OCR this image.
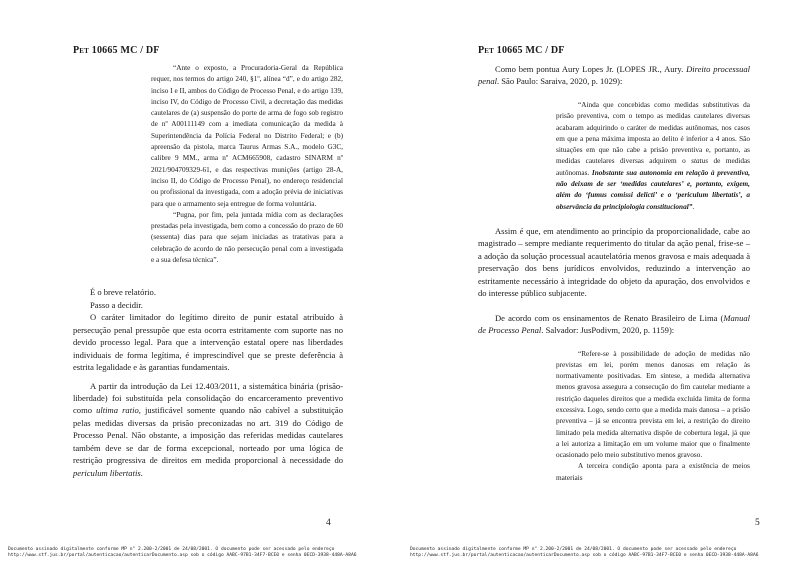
Pet 10665 MC / DF

“Ante o exposto, a Procuradoria-Geral da República requer, nos termos do artigo 240, §1º, alínea “d”, e do artigo 282, inciso I e II, ambos do Código de Processo Penal, e do artigo 139, inciso IV, do Código de Processo Civil, a decretação das medidas cautelares de (a) suspensão do porte de arma de fogo sob registro de nº A00111149 com a imediata comunicação da medida à Superintendência da Polícia Federal no Distrito Federal; e (b) apreensão da pistola, marca Taurus Armas S.A., modelo G3C, calibre 9 MM., arma nº ACM665908, cadastro SINARM nº 2021/904709329-61, e das respectivas munições (artigo 28-A, inciso II, do Código de Processo Penal), no endereço residencial ou profissional da investigada, com a adoção prévia de iniciativas para que o armamento seja entregue de forma voluntária.

“Pugna, por fim, pela juntada mídia com as declarações prestadas pela investigada, bem como a concessão do prazo de 60 (sessenta) dias para que sejam iniciadas as tratativas para a celebração de acordo de não persecução penal com a investigada e a sua defesa técnica”.

É o breve relatório.

Passo a decidir.

O caráter limitador do legítimo direito de punir estatal atribuído à persecução penal pressupõe que esta ocorra estritamente com suporte nas no devido processo legal. Para que a intervenção estatal opere nas liberdades individuais de forma legítima, é imprescindível que se preste deferência à estrita legalidade e às garantias fundamentais.

A partir da introdução da Lei 12.403/2011, a sistemática binária (prisão-liberdade) foi substituída pela consolidação do encarceramento preventivo como ultima ratio, justificável somente quando não cabível a substituição pelas medidas diversas da prisão preconizadas no art. 319 do Código de Processo Penal. Não obstante, a imposição das referidas medidas cautelares também deve se dar de forma excepcional, norteado por uma lógica de restrição progressiva de direitos em medida proporcional à necessidade do periculum libertatis.

4
Documento assinado digitalmente conforme MP n° 2.200-2/2001 de 24/08/2001. O documento pode ser acessado pelo endereço
http://www.stf.jus.br/portal/autenticacao/autenticarDocumento.asp sob o código AABC-97B1-34F7-BCE0 e senha 0ECD-3938-448A-A8A6
Pet 10665 MC / DF

Como bem pontua Aury Lopes Jr. (LOPES JR., Aury. Direito processual penal. São Paulo: Saraiva, 2020, p. 1029):

“Ainda que concebidas como medidas substitutivas da prisão preventiva, com o tempo as medidas cautelares diversas acabaram adquirindo o caráter de medidas autônomas, nos casos em que a pena máxima imposta ao delito é inferior a 4 anos. São situações em que não cabe a prisão preventiva e, portanto, as medidas cautelares diversas adquirem o status de medidas autônomas. Inobstante sua autonomia em relação à preventiva, não deixam de ser ‘medidas cautelares’ e, portanto, exigem, além do ‘fumus comissi delicti’ e o ‘periculum libertatis’, a observância da principiologia constitucional”.

Assim é que, em atendimento ao princípio da proporcionalidade, cabe ao magistrado – sempre mediante requerimento do titular da ação penal, frise-se – a adoção da solução processual acautelatória menos gravosa e mais adequada à preservação dos bens jurídicos envolvidos, reduzindo a intervenção ao estritamente necessário à integridade do objeto da apuração, dos envolvidos e do interesse público subjacente.

De acordo com os ensinamentos de Renato Brasileiro de Lima (Manual de Processo Penal. Salvador: JusPodivm, 2020, p. 1159):

“Refere-se à possibilidade de adoção de medidas não previstas em lei, porém menos danosas em relação às normativamente positivadas. Em síntese, a medida alternativa menos gravosa assegura a consecução do fim cautelar mediante a restrição daqueles direitos que a medida excluída limita de forma excessiva. Logo, sendo certo que a medida mais danosa – a prisão preventiva – já se encontra prevista em lei, a restrição do direito limitado pela medida alternativa dispõe de cobertura legal, já que a lei autoriza a limitação em um volume maior que o finalmente ocasionado pelo meio substitutivo menos gravoso.

A terceira condição aponta para a existência de meios materiais

5
Documento assinado digitalmente conforme MP n° 2.200-2/2001 de 24/08/2001. O documento pode ser acessado pelo endereço
http://www.stf.jus.br/portal/autenticacao/autenticarDocumento.asp sob o código AABC-97B1-34F7-BCE0 e senha 0ECD-3938-448A-A8A6
